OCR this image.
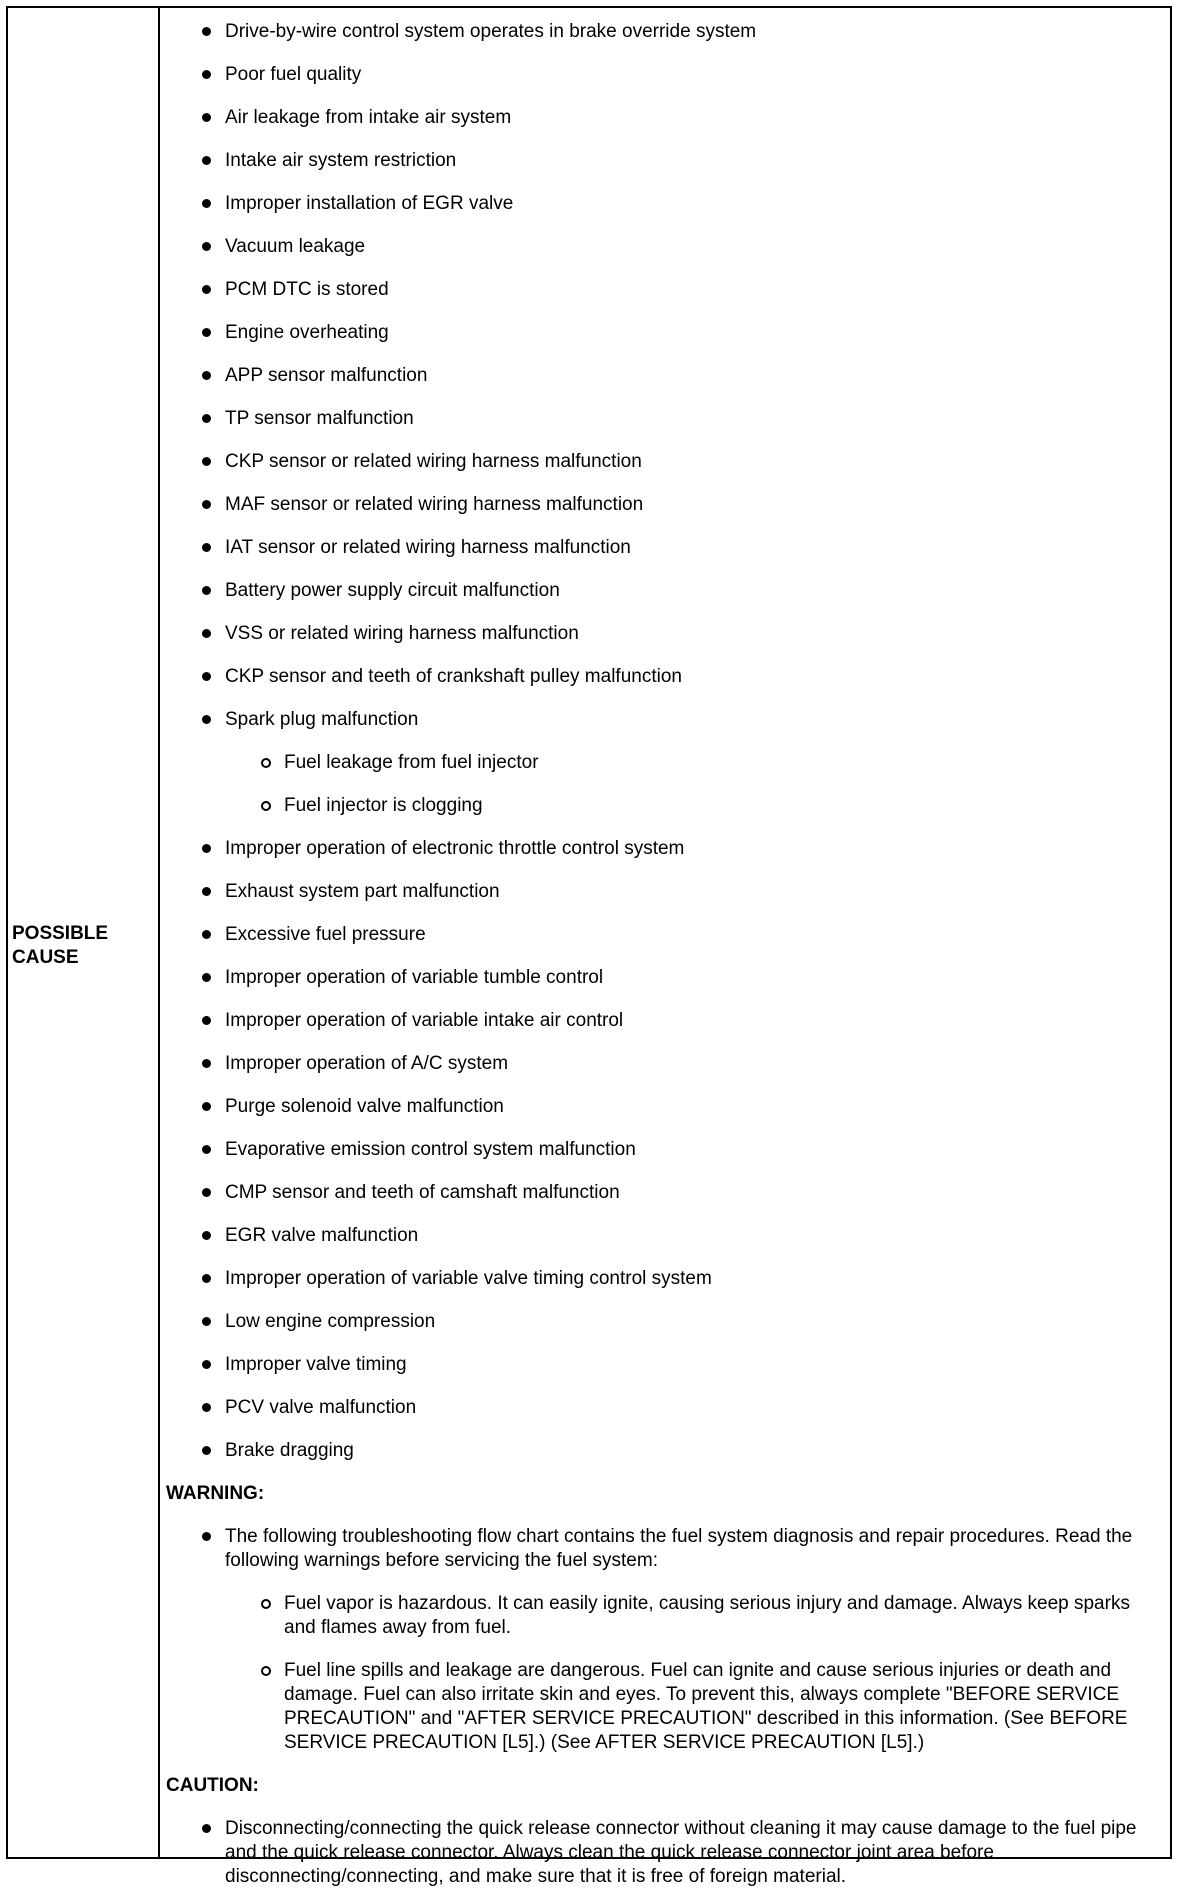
POSSIBLE CAUSE
Drive-by-wire control system operates in brake override system
Poor fuel quality
Air leakage from intake air system
Intake air system restriction
Improper installation of EGR valve
Vacuum leakage
PCM DTC is stored
Engine overheating
APP sensor malfunction
TP sensor malfunction
CKP sensor or related wiring harness malfunction
MAF sensor or related wiring harness malfunction
IAT sensor or related wiring harness malfunction
Battery power supply circuit malfunction
VSS or related wiring harness malfunction
CKP sensor and teeth of crankshaft pulley malfunction
Spark plug malfunction
Fuel leakage from fuel injector
Fuel injector is clogging
Improper operation of electronic throttle control system
Exhaust system part malfunction
Excessive fuel pressure
Improper operation of variable tumble control
Improper operation of variable intake air control
Improper operation of A/C system
Purge solenoid valve malfunction
Evaporative emission control system malfunction
CMP sensor and teeth of camshaft malfunction
EGR valve malfunction
Improper operation of variable valve timing control system
Low engine compression
Improper valve timing
PCV valve malfunction
Brake dragging
WARNING:
The following troubleshooting flow chart contains the fuel system diagnosis and repair procedures. Read the following warnings before servicing the fuel system:
Fuel vapor is hazardous. It can easily ignite, causing serious injury and damage. Always keep sparks and flames away from fuel.
Fuel line spills and leakage are dangerous. Fuel can ignite and cause serious injuries or death and damage. Fuel can also irritate skin and eyes. To prevent this, always complete "BEFORE SERVICE PRECAUTION" and "AFTER SERVICE PRECAUTION" described in this information. (See BEFORE SERVICE PRECAUTION [L5].) (See AFTER SERVICE PRECAUTION [L5].)
CAUTION:
Disconnecting/connecting the quick release connector without cleaning it may cause damage to the fuel pipe and the quick release connector. Always clean the quick release connector joint area before disconnecting/connecting, and make sure that it is free of foreign material.
